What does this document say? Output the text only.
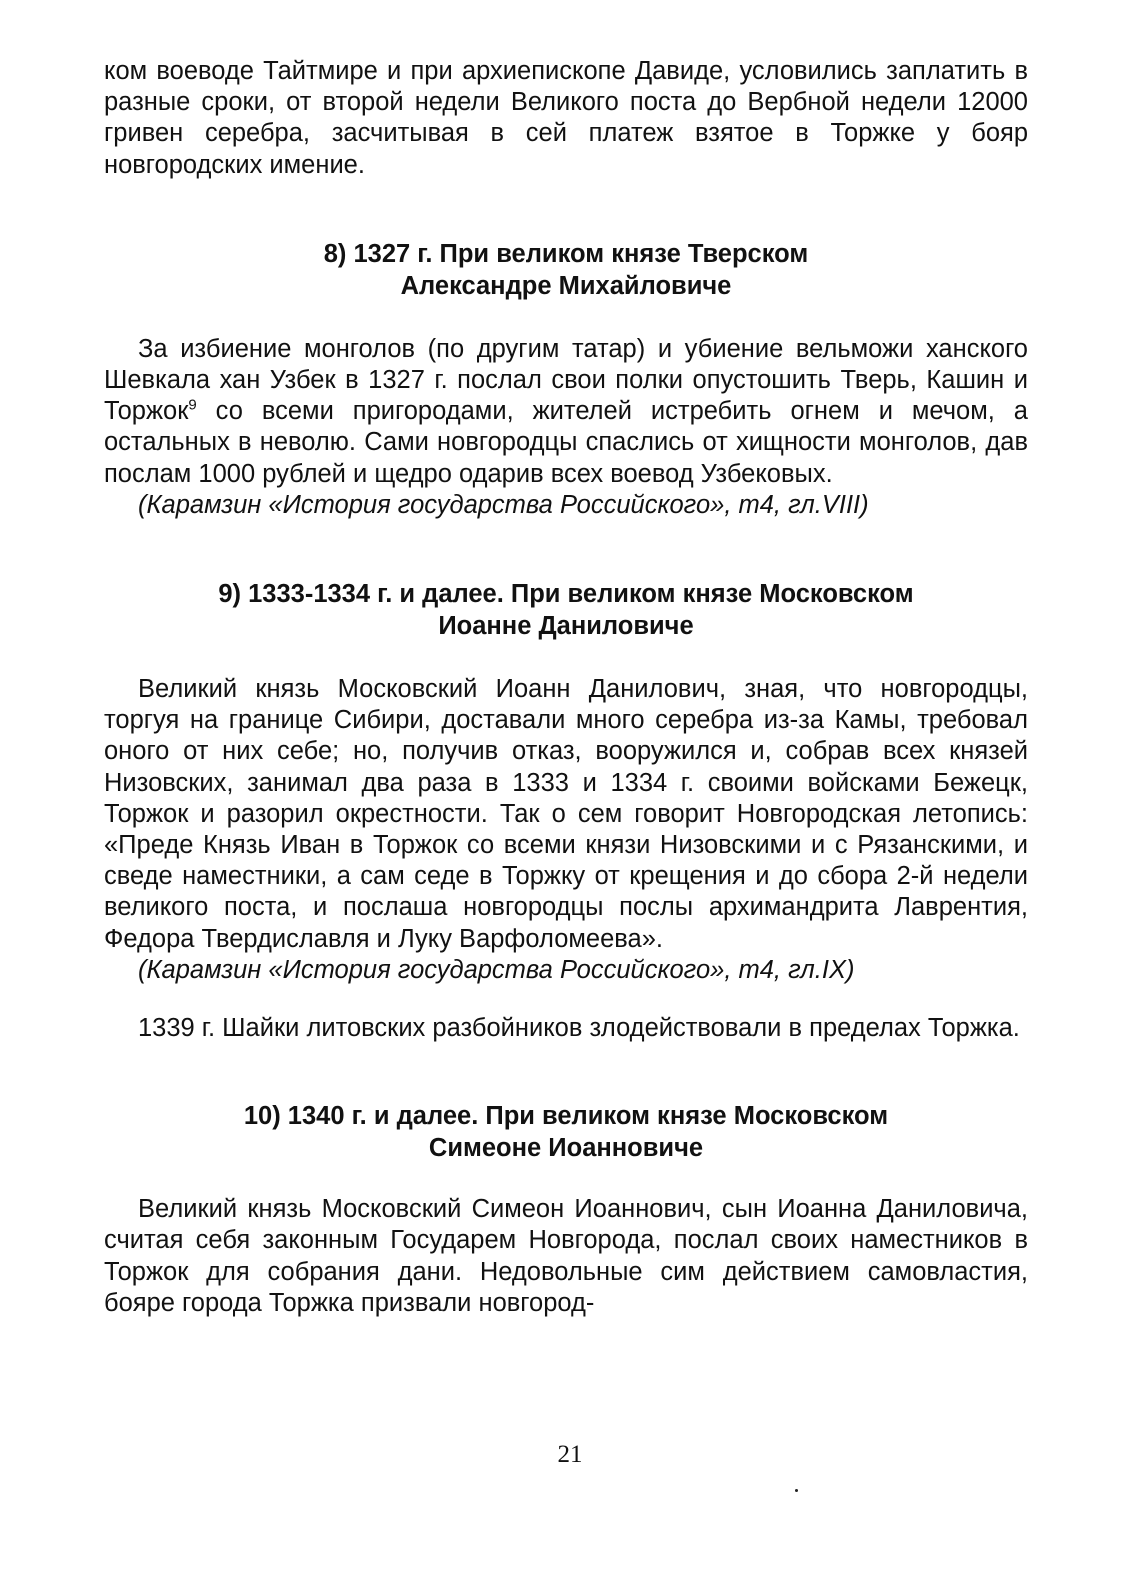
ком воеводе Тайтмире и при архиепископе Давиде, условились заплатить в разные сроки, от второй недели Великого поста до Вербной недели 12000 гривен серебра, засчитывая в сей платеж взятое в Торжке у бояр новгородских имение.

8) 1327 г. При великом князе Тверском
Александре Михайловиче

За избиение монголов (по другим татар) и убиение вельможи ханского Шевкала хан Узбек в 1327 г. послал свои полки опустошить Тверь, Кашин и Торжок$^9$ со всеми пригородами, жителей истребить огнем и мечом, а остальных в неволю. Сами новгородцы спаслись от хищности монголов, дав послам 1000 рублей и щедро одарив всех воевод Узбековых.

(Карамзин «История государства Российского», т4, гл.VIII)

9) 1333-1334 г. и далее. При великом князе Московском
Иоанне Даниловиче

Великий князь Московский Иоанн Данилович, зная, что новгородцы, торгуя на границе Сибири, доставали много серебра из-за Камы, требовал оного от них себе; но, получив отказ, вооружился и, собрав всех князей Низовских, занимал два раза в 1333 и 1334 г. своими войсками Бежецк, Торжок и разорил окрестности. Так о сем говорит Новгородская летопись: «Преде Князь Иван в Торжок со всеми князи Низовскими и с Рязанскими, и сведе наместники, а сам седе в Торжку от крещения и до сбора 2-й недели великого поста, и послаша новгородцы послы архимандрита Лаврентия, Федора Твердиславля и Луку Варфоломеева».

(Карамзин «История государства Российского», т4, гл.IX)

1339 г. Шайки литовских разбойников злодействовали в пределах Торжка.

10) 1340 г. и далее. При великом князе Московском
Симеоне Иоанновиче

Великий князь Московский Симеон Иоаннович, сын Иоанна Даниловича, считая себя законным Государем Новгорода, послал своих наместников в Торжок для собрания дани. Недовольные сим действием самовластия, бояре города Торжка призвали новгород-

21
